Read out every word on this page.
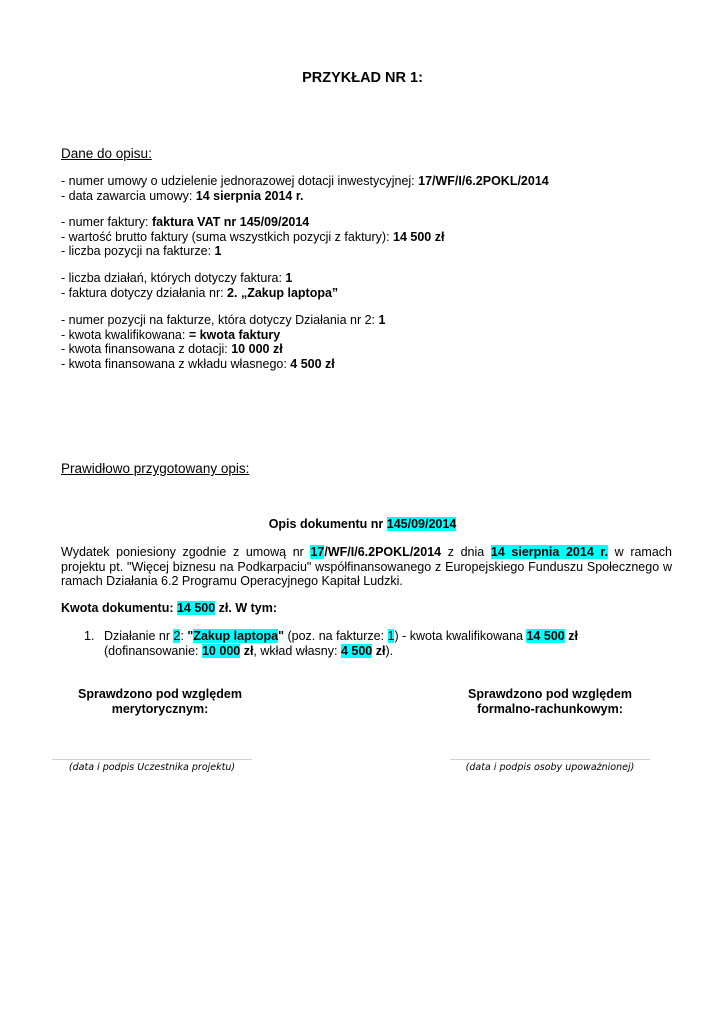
PRZYKŁAD NR 1:
Dane do opisu:
- numer umowy o udzielenie jednorazowej dotacji inwestycyjnej: 17/WF/I/6.2POKL/2014
- data zawarcia umowy: 14 sierpnia 2014 r.
- numer faktury: faktura VAT nr 145/09/2014
- wartość brutto faktury (suma wszystkich pozycji z faktury): 14 500 zł
- liczba pozycji na fakturze: 1
- liczba działań, których dotyczy faktura: 1
- faktura dotyczy działania nr: 2. „Zakup laptopa”
- numer pozycji na fakturze, która dotyczy Działania nr 2: 1
- kwota kwalifikowana: = kwota faktury
- kwota finansowana z dotacji: 10 000 zł
- kwota finansowana z wkładu własnego: 4 500 zł
Prawidłowo przygotowany opis:
Opis dokumentu nr 145/09/2014
Wydatek poniesiony zgodnie z umową nr 17/WF/I/6.2POKL/2014 z dnia 14 sierpnia 2014 r. w ramach projektu pt. "Więcej biznesu na Podkarpaciu" współfinansowanego z Europejskiego Funduszu Społecznego w ramach Działania 6.2 Programu Operacyjnego Kapitał Ludzki.
Kwota dokumentu: 14 500 zł. W tym:
1. Działanie nr 2: "Zakup laptopa" (poz. na fakturze: 1) - kwota kwalifikowana 14 500 zł (dofinansowanie: 10 000 zł, wkład własny: 4 500 zł).
Sprawdzono pod względem
merytorycznym:
Sprawdzono pod względem
formalno-rachunkowym:
(data i podpis Uczestnika projektu)	(data i podpis osoby upoważnionej)
